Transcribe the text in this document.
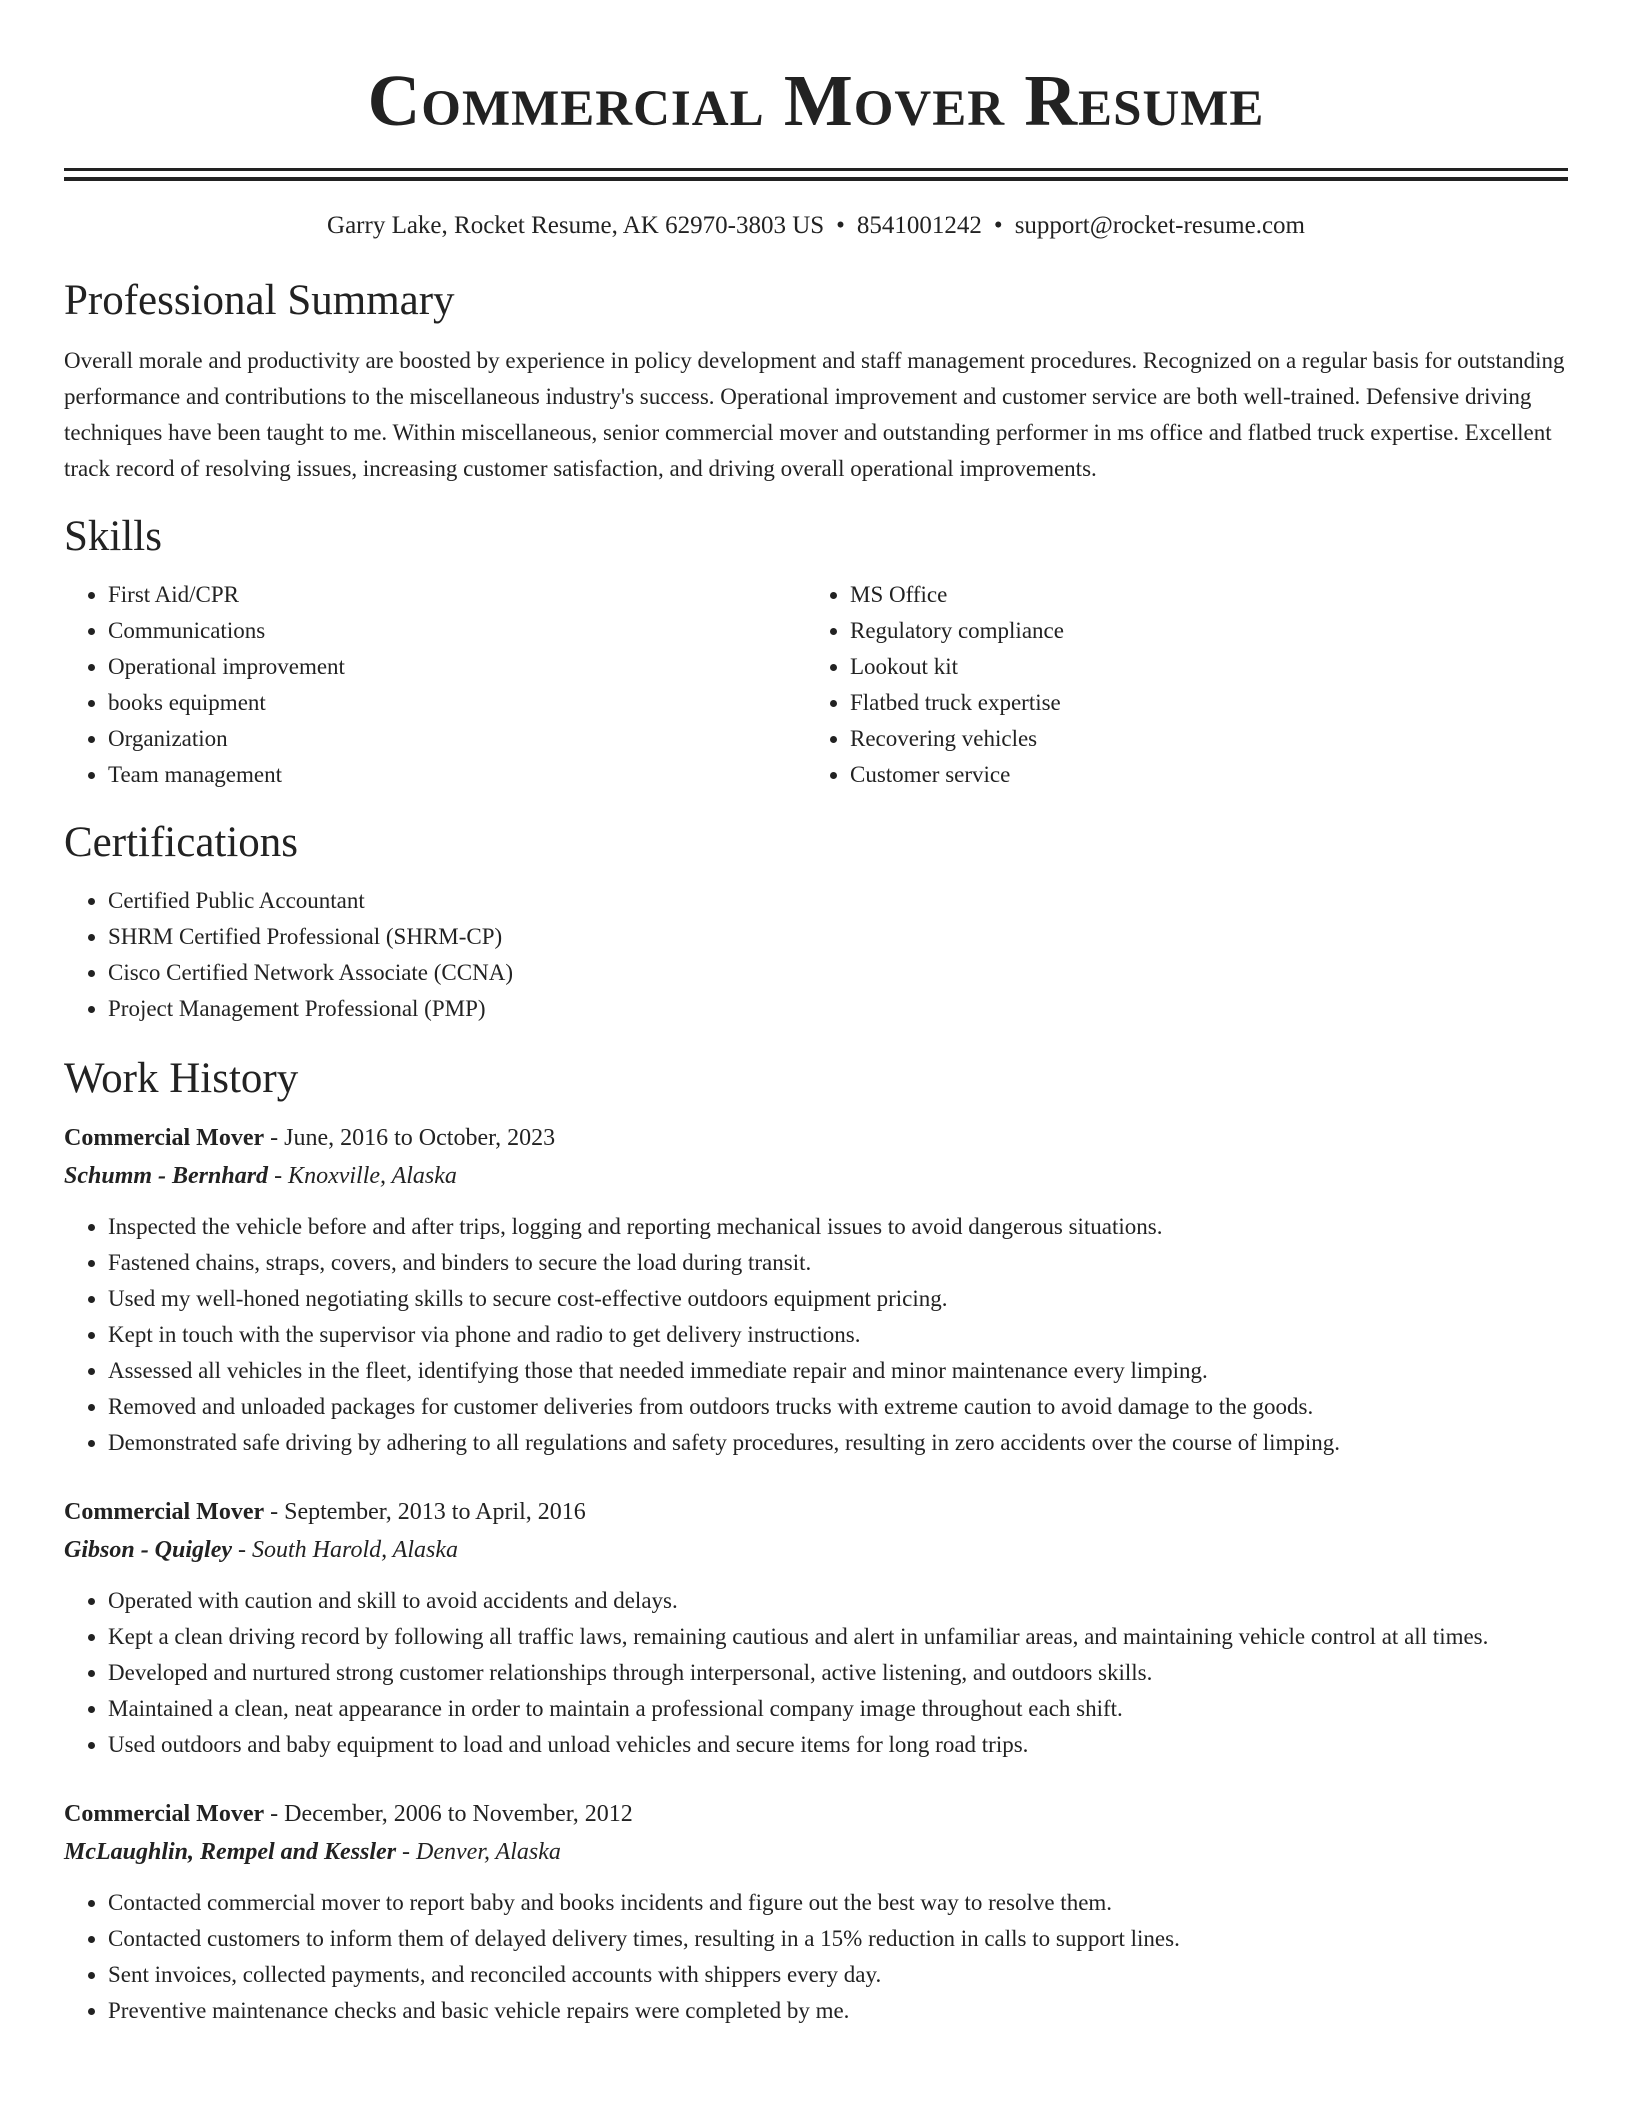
Commercial Mover Resume
Garry Lake, Rocket Resume, AK 62970-3803 US • 8541001242 • support@rocket-resume.com
Professional Summary

Overall morale and productivity are boosted by experience in policy development and staff management procedures. Recognized on a regular basis for outstanding performance and contributions to the miscellaneous industry's success. Operational improvement and customer service are both well-trained. Defensive driving techniques have been taught to me. Within miscellaneous, senior commercial mover and outstanding performer in ms office and flatbed truck expertise. Excellent track record of resolving issues, increasing customer satisfaction, and driving overall operational improvements.

Skills
• First Aid/CPR
• Communications
• Operational improvement
• books equipment
• Organization
• Team management
• MS Office
• Regulatory compliance
• Lookout kit
• Flatbed truck expertise
• Recovering vehicles
• Customer service
Certifications
• Certified Public Accountant
• SHRM Certified Professional (SHRM-CP)
• Cisco Certified Network Associate (CCNA)
• Project Management Professional (PMP)
Work History
Commercial Mover - June, 2016 to October, 2023
Schumm - Bernhard - Knoxville, Alaska
• Inspected the vehicle before and after trips, logging and reporting mechanical issues to avoid dangerous situations.
• Fastened chains, straps, covers, and binders to secure the load during transit.
• Used my well-honed negotiating skills to secure cost-effective outdoors equipment pricing.
• Kept in touch with the supervisor via phone and radio to get delivery instructions.
• Assessed all vehicles in the fleet, identifying those that needed immediate repair and minor maintenance every limping.
• Removed and unloaded packages for customer deliveries from outdoors trucks with extreme caution to avoid damage to the goods.
• Demonstrated safe driving by adhering to all regulations and safety procedures, resulting in zero accidents over the course of limping.
Commercial Mover - September, 2013 to April, 2016
Gibson - Quigley - South Harold, Alaska
• Operated with caution and skill to avoid accidents and delays.
• Kept a clean driving record by following all traffic laws, remaining cautious and alert in unfamiliar areas, and maintaining vehicle control at all times.
• Developed and nurtured strong customer relationships through interpersonal, active listening, and outdoors skills.
• Maintained a clean, neat appearance in order to maintain a professional company image throughout each shift.
• Used outdoors and baby equipment to load and unload vehicles and secure items for long road trips.
Commercial Mover - December, 2006 to November, 2012
McLaughlin, Rempel and Kessler - Denver, Alaska
• Contacted commercial mover to report baby and books incidents and figure out the best way to resolve them.
• Contacted customers to inform them of delayed delivery times, resulting in a 15% reduction in calls to support lines.
• Sent invoices, collected payments, and reconciled accounts with shippers every day.
• Preventive maintenance checks and basic vehicle repairs were completed by me.
